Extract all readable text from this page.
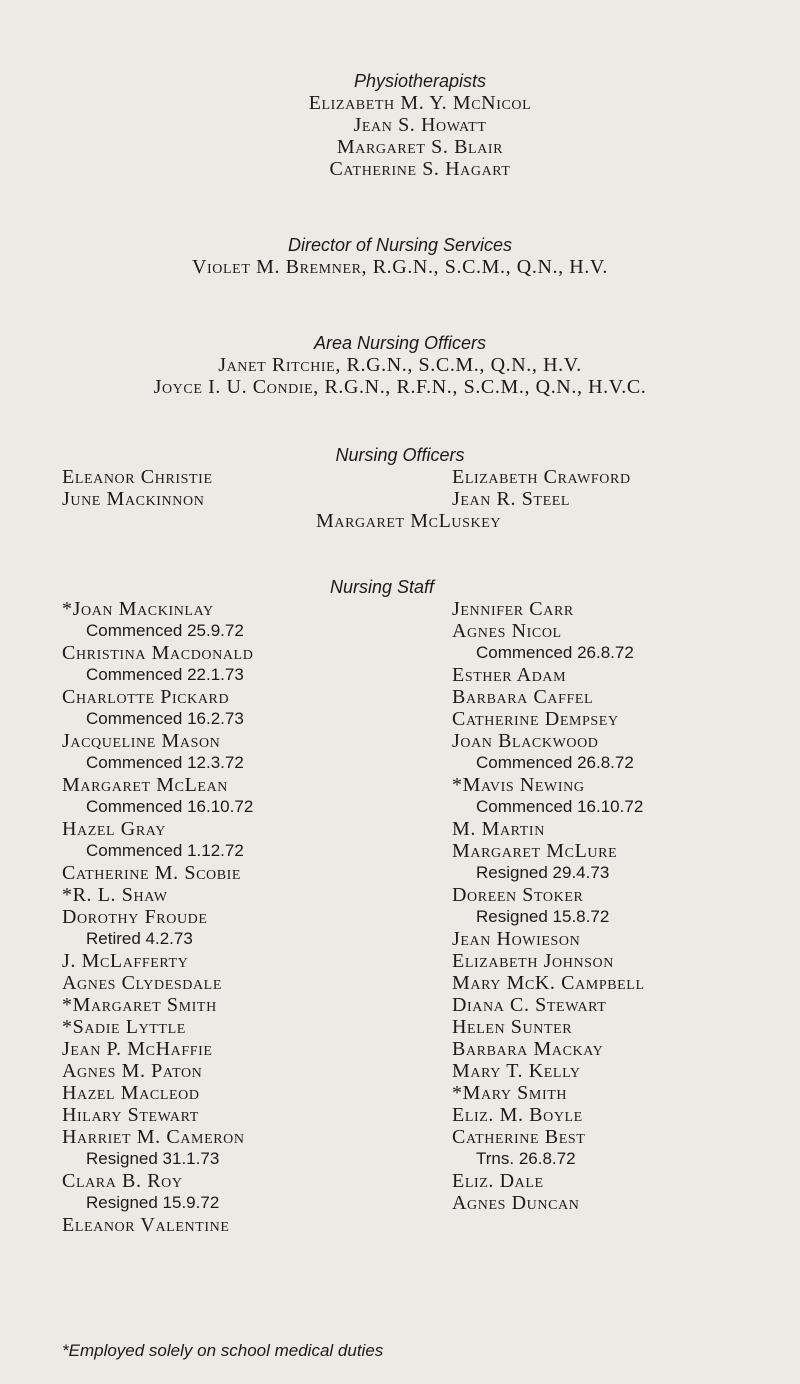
Physiotherapists
Elizabeth M. Y. McNicol
Jean S. Howatt
Margaret S. Blair
Catherine S. Hagart
Director of Nursing Services
Violet M. Bremner, R.G.N., S.C.M., Q.N., H.V.
Area Nursing Officers
Janet Ritchie, R.G.N., S.C.M., Q.N., H.V.
Joyce I. U. Condie, R.G.N., R.F.N., S.C.M., Q.N., H.V.C.
Nursing Officers
Eleanor Christie
June Mackinnon
Elizabeth Crawford
Jean R. Steel
Margaret McLuskey
Nursing Staff
*Joan Mackinlay
Commenced 25.9.72
Christina Macdonald
Commenced 22.1.73
Charlotte Pickard
Commenced 16.2.73
Jacqueline Mason
Commenced 12.3.72
Margaret McLean
Commenced 16.10.72
Hazel Gray
Commenced 1.12.72
Catherine M. Scobie
*R. L. Shaw
Dorothy Froude
Retired 4.2.73
J. McLafferty
Agnes Clydesdale
*Margaret Smith
*Sadie Lyttle
Jean P. McHaffie
Agnes M. Paton
Hazel Macleod
Hilary Stewart
Harriet M. Cameron
Resigned 31.1.73
Clara B. Roy
Resigned 15.9.72
Eleanor Valentine
Jennifer Carr
Agnes Nicol
Commenced 26.8.72
Esther Adam
Barbara Caffel
Catherine Dempsey
Joan Blackwood
Commenced 26.8.72
*Mavis Newing
Commenced 16.10.72
M. Martin
Margaret McLure
Resigned 29.4.73
Doreen Stoker
Resigned 15.8.72
Jean Howieson
Elizabeth Johnson
Mary McK. Campbell
Diana C. Stewart
Helen Sunter
Barbara Mackay
Mary T. Kelly
*Mary Smith
Eliz. M. Boyle
Catherine Best
Trns. 26.8.72
Eliz. Dale
Agnes Duncan
*Employed solely on school medical duties
